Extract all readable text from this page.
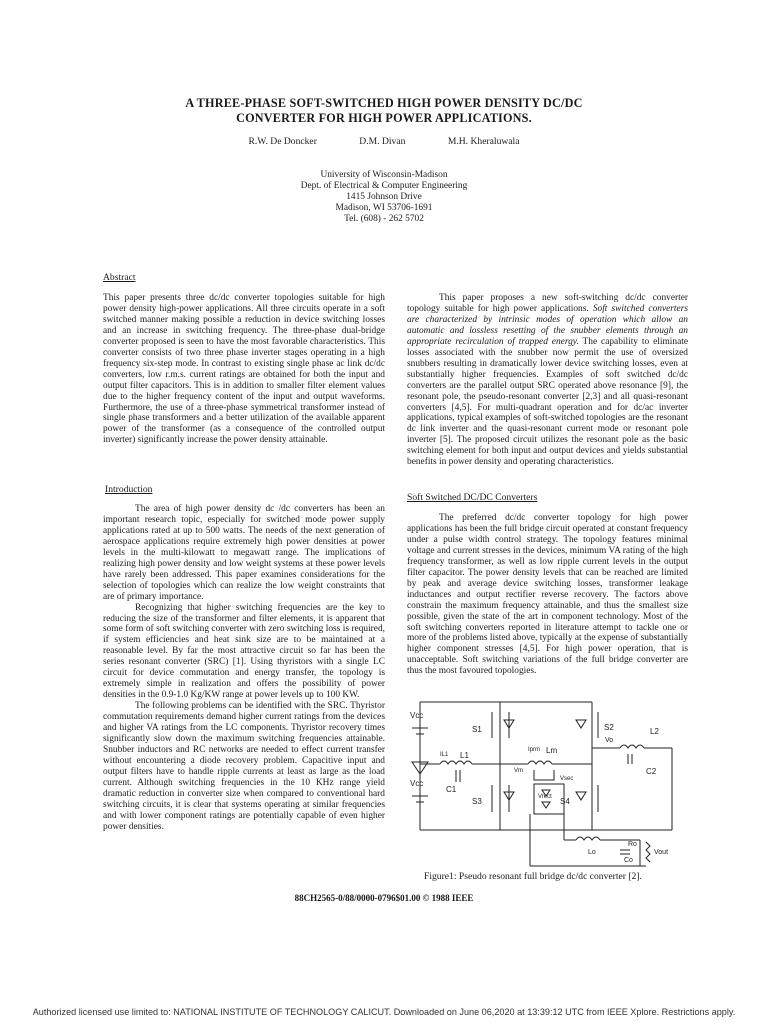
A THREE-PHASE SOFT-SWITCHED HIGH POWER DENSITY DC/DC
CONVERTER FOR HIGH POWER APPLICATIONS.
R.W. De Doncker	D.M. Divan	M.H. Kheraluwala
University of Wisconsin-Madison
Dept. of Electrical & Computer Engineering
1415 Johnson Drive
Madison, WI 53706-1691
Tel. (608) - 262 5702
Abstract

This paper presents three dc/dc converter topologies suitable for high power density high-power applications. All three circuits operate in a soft switched manner making possible a reduction in device switching losses and an increase in switching frequency. The three-phase dual-bridge converter proposed is seen to have the most favorable characteristics. This converter consists of two three phase inverter stages operating in a high frequency six-step mode. In contrast to existing single phase ac link dc/dc converters, low r.m.s. current ratings are obtained for both the input and output filter capacitors. This is in addition to smaller filter element values due to the higher frequency content of the input and output waveforms. Furthermore, the use of a three-phase symmetrical transformer instead of single phase transformers and a better utilization of the available apparent power of the transformer (as a consequence of the controlled output inverter) significantly increase the power density attainable.

Introduction

The area of high power density dc /dc converters has been an important research topic, especially for switched mode power supply applications rated at up to 500 watts. The needs of the next generation of aerospace applications require extremely high power densities at power levels in the multi-kilowatt to megawatt range. The implications of realizing high power density and low weight systems at these power levels have rarely been addressed. This paper examines considerations for the selection of topologies which can realize the low weight constraints that are of primary importance.

Recognizing that higher switching frequencies are the key to reducing the size of the transformer and filter elements, it is apparent that some form of soft switching converter with zero switching loss is required, if system efficiencies and heat sink size are to be maintained at a reasonable level. By far the most attractive circuit so far has been the series resonant converter (SRC) [1]. Using thyristors with a single LC circuit for device commutation and energy transfer, the topology is extremely simple in realization and offers the possibility of power densities in the 0.9-1.0 Kg/KW range at power levels up to 100 KW.

The following problems can be identified with the SRC. Thyristor commutation requirements demand higher current ratings from the devices and higher VA ratings from the LC components. Thyristor recovery times significantly slow down the maximum switching frequencies attainable. Snubber inductors and RC networks are needed to effect current transfer without encountering a diode recovery problem. Capacitive input and output filters have to handle ripple currents at least as large as the load current. Although switching frequencies in the 10 KHz range yield dramatic reduction in converter size when compared to conventional hard switching circuits, it is clear that systems operating at similar frequencies and with lower component ratings are potentially capable of even higher power densities.

This paper proposes a new soft-switching dc/dc converter topology suitable for high power applications. Soft switched converters are characterized by intrinsic modes of operation which allow an automatic and lossless resetting of the snubber elements through an appropriate recirculation of trapped energy. The capability to eliminate losses associated with the snubber now permit the use of oversized snubbers resulting in dramatically lower device switching losses, even at substantially higher frequencies. Examples of soft switched dc/dc converters are the parallel output SRC operated above resonance [9], the resonant pole, the pseudo-resonant converter [2,3] and all quasi-resonant converters [4,5]. For multi-quadrant operation and for dc/ac inverter applications, typical examples of soft-switched topologies are the resonant dc link inverter and the quasi-resonant current mode or resonant pole inverter [5]. The proposed circuit utilizes the resonant pole as the basic switching element for both input and output devices and yields substantial benefits in power density and operating characteristics.

Soft Switched DC/DC Converters

The preferred dc/dc converter topology for high power applications has been the full bridge circuit operated at constant frequency under a pulse width control strategy. The topology features minimal voltage and current stresses in the devices, minimum VA rating of the high frequency transformer, as well as low ripple current levels in the output filter capacitor. The power density levels that can be reached are limited by peak and average device switching losses, transformer leakage inductances and output rectifier reverse recovery. The factors above constrain the maximum frequency attainable, and thus the smallest size possible, given the state of the art in component technology. Most of the soft switching converters reported in literature attempt to tackle one or more of the problems listed above, typically at the expense of substantially higher component stresses [4,5]. For high power operation, that is unacceptable. Soft switching variations of the full bridge converter are thus the most favoured topologies.

Vcc
Vcc
S1
S3
L1
IL1
C1
Iprm Lm
Vm
Vsec
Vrect
S2
S4
Vo
L2
C2
Lo
Ro
Co
Vout
Figure1: Pseudo resonant full bridge dc/dc converter [2].
88CH2565-0/88/0000-0796$01.00 © 1988 IEEE
Authorized licensed use limited to: NATIONAL INSTITUTE OF TECHNOLOGY CALICUT. Downloaded on June 06,2020 at 13:39:12 UTC from IEEE Xplore. Restrictions apply.
